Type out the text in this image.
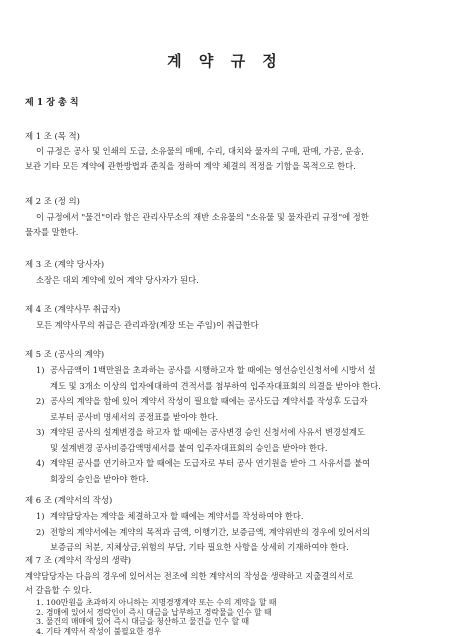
계 약 규 정
제 1 장 총 칙
제 1 조 (목 적)
이 규정은 공사 및 인쇄의 도급, 소유물의 매매, 수리, 대치와 물자의 구매, 판매, 가공, 운송,
보관 기타 모든 계약에 관한방법과 준칙을 정하여 계약 체결의 적정을 기함을 목적으로 한다.
제 2 조 (정 의)
이 규정에서 "물건"이라 함은 관리사무소의 재반 소유물의 "소유물 및 물자관리 규정"에 정한
물자를 말한다.
제 3 조 (계약 당사자)
소장은 대외 계약에 있어 계약 당사자가 된다.
제 4 조 (계약사무 취급자)
모든 계약사무의 취급은 관리과장(계장 또는 주임)이 취급한다
제 5 조 (공사의 계약)
1) 공사금액이 1백만원을 초과하는 공사를 시행하고자 할 때에는 영선승인신청서에 시방서 설
계도 및 3개소 이상의 업자에대하여 견적서를 첨부하여 입주자대표회의 의결을 받아야 한다.
2) 공사의 계약을 함에 있어 계약서 작성이 필요할 때에는 공사도급 계약서를 작성후 도급자
로부터 공사비 명세서의 공정표를 받아야 한다.
3) 계약된 공사의 설계변경을 하고자 할 때에는 공사변경 승인 신청서에 사유서 변경설계도
및 설계변경 공사비증감액명세서를 붙여 입주자대표회의 승인을 받아야 한다.
4) 계약된 공사를 연기하고자 할 때에는 도급자로 부터 공사 연기원을 받아 그 사유서를 붙여
회장의 승인을 받아야 한다.
제 6 조 (계약서의 작성)
1) 계약담당자는 계약을 체결하고자 할 때에는 계약서를 작성하여야 한다.
2) 전항의 계약서에는 계약의 목적과 금액, 이행기간, 보증금액, 계약위반의 경우에 있어서의
보증금의 처분, 지체상금,위험의 부담, 기타 필요한 사항을 상세히 기재하여야 한다.
제 7 조 (계약서 작성의 생략)
계약담당자는 다음의 경우에 있어서는 전조에 의한 계약서의 작성을 생략하고 지출결의서로
서 갈음할 수 있다.
1. 100만원을 초과하지 아니하는 지명경쟁계약 또는 수의 계약을 할 때
2. 경매에 있어서 경락인이 즉시 대금을 납부하고 경락물을 인수 할 때
3. 물건의 매매에 있어 즉시 대금을 청산하고 물건을 인수 할 때
4. 기타 계약서 작성이 불필요한 경우
